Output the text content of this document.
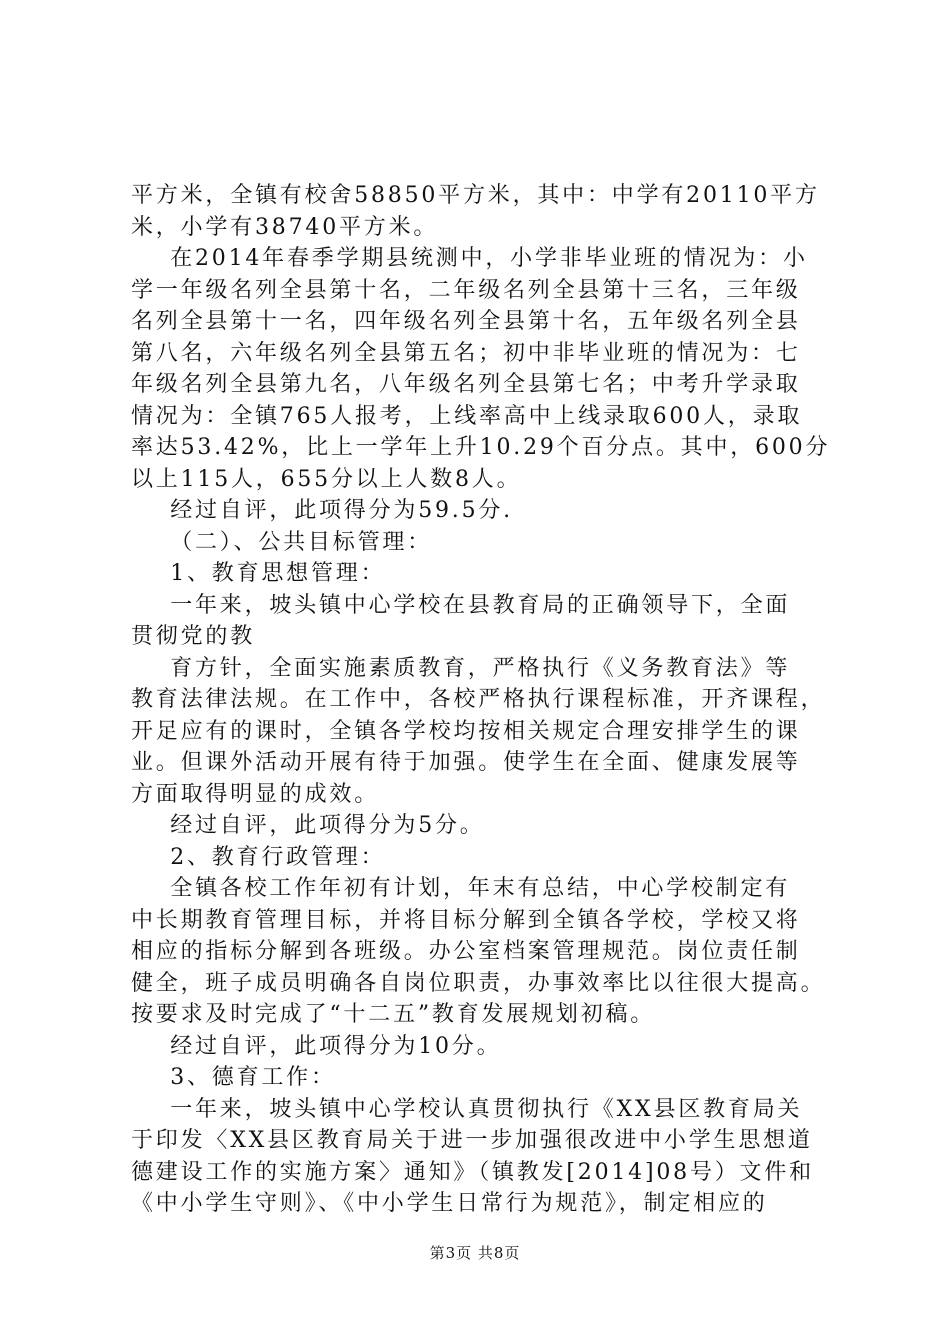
平方米，全镇有校舍58850平方米，其中：中学有20110平方

米，小学有38740平方米。

在2014年春季学期县统测中，小学非毕业班的情况为：小

学一年级名列全县第十名，二年级名列全县第十三名，三年级

名列全县第十一名，四年级名列全县第十名，五年级名列全县

第八名，六年级名列全县第五名；初中非毕业班的情况为：七

年级名列全县第九名，八年级名列全县第七名；中考升学录取

情况为：全镇765人报考，上线率高中上线录取600人，录取

率达53.42%，比上一学年上升10.29个百分点。其中，600分

以上115人，655分以上人数8人。

经过自评，此项得分为59.5分.

（二）、公共目标管理：

1、教育思想管理：

一年来，坡头镇中心学校在县教育局的正确领导下，全面

贯彻党的教

育方针，全面实施素质教育，严格执行《义务教育法》等

教育法律法规。在工作中，各校严格执行课程标准，开齐课程，

开足应有的课时，全镇各学校均按相关规定合理安排学生的课

业。但课外活动开展有待于加强。使学生在全面、健康发展等

方面取得明显的成效。

经过自评，此项得分为5分。

2、教育行政管理：

全镇各校工作年初有计划，年末有总结，中心学校制定有

中长期教育管理目标，并将目标分解到全镇各学校，学校又将

相应的指标分解到各班级。办公室档案管理规范。岗位责任制

健全，班子成员明确各自岗位职责，办事效率比以往很大提高。

按要求及时完成了“十二五”教育发展规划初稿。

经过自评，此项得分为10分。

3、德育工作：

一年来，坡头镇中心学校认真贯彻执行《XX县区教育局关

于印发〈XX县区教育局关于进一步加强很改进中小学生思想道

德建设工作的实施方案〉通知》（镇教发[2014]08号）文件和

《中小学生守则》、《中小学生日常行为规范》，制定相应的

第3页 共8页
